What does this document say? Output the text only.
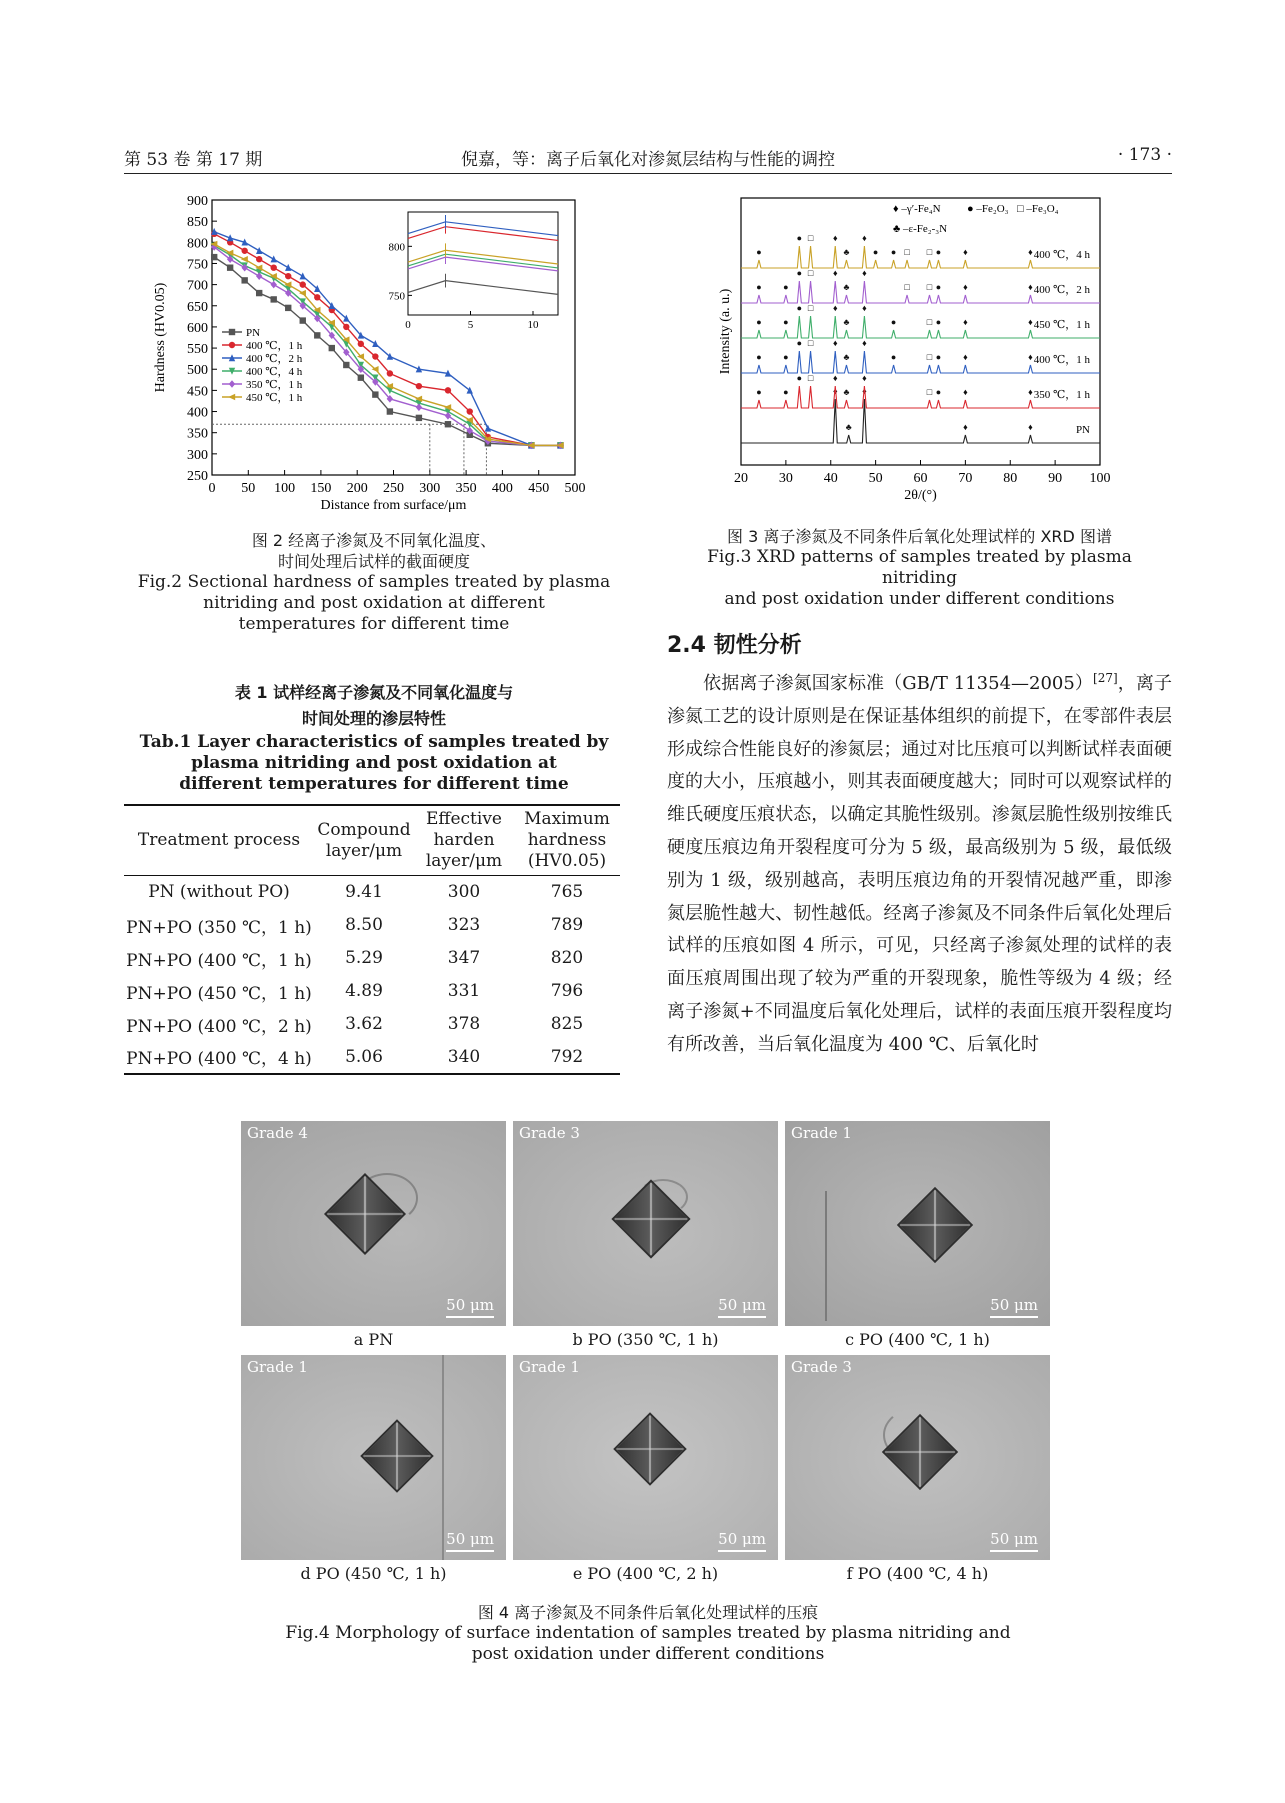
第 53 卷 第 17 期	倪嘉，等：离子后氧化对渗氮层结构与性能的调控	· 173 ·
250
300
350
400
450
500
550
600
650
700
750
800
850
900
0 50 100 150 200 250 300 350 400 450 500
Distance from surface/μm
Hardness (HV0.05)	PN
400 ℃，1 h
400 ℃，2 h
400 ℃，4 h
350 ℃，1 h
450 ℃，1 h
0	5	10
750
800
图 2 经离子渗氮及不同氧化温度、
时间处理后试样的截面硬度
Fig.2 Sectional hardness of samples treated by plasma
nitriding and post oxidation at different
temperatures for different time
20 30 40 50 60 70 80 90 100
2θ/(°)
Intensity (a. u.)
♦ –γ′-Fe₄N ● –Fe₂O₃ □ –Fe₃O₄
♣ –ε-Fe₂-₃N
♦
♣
♦
♦	♦	PN
● ●
● □ ♦
♣
♦
□ ● ♦	♦ 350 ℃，1 h
● ●
● □ ♦
♣
♦
●	□ ● ♦	♦ 400 ℃，1 h
● ●
● □ ♦
♣
♦
●	□ ● ♦	♦ 450 ℃，1 h
● ●
● □ ♦
♣
♦
□ □ ● ♦	♦ 400 ℃，2 h
●
● □ ♦
♣
♦
● ● □ □ ● ♦	♦ 400 ℃，4 h
图 3 离子渗氮及不同条件后氧化处理试样的 XRD 图谱
Fig.3 XRD patterns of samples treated by plasma nitriding
and post oxidation under different conditions
表 1 试样经离子渗氮及不同氧化温度与
时间处理的渗层特性
Tab.1 Layer characteristics of samples treated by
plasma nitriding and post oxidation at
different temperatures for different time
Treatment process	Compound layer/μm	Effective harden layer/μm	Maximum hardness (HV0.05)
PN (without PO)	9.41	300	765
PN+PO (350 ℃，1 h)	8.50	323	789
PN+PO (400 ℃，1 h)	5.29	347	820
PN+PO (450 ℃，1 h)	4.89	331	796
PN+PO (400 ℃，2 h)	3.62	378	825
PN+PO (400 ℃，4 h)	5.06	340	792
2.4 韧性分析
依据离子渗氮国家标准（GB/T 11354—2005）[27]，离子渗氮工艺的设计原则是在保证基体组织的前提下，在零部件表层形成综合性能良好的渗氮层；通过对比压痕可以判断试样表面硬度的大小，压痕越小，则其表面硬度越大；同时可以观察试样的维氏硬度压痕状态，以确定其脆性级别。渗氮层脆性级别按维氏硬度压痕边角开裂程度可分为 5 级，最高级别为 5 级，最低级别为 1 级，级别越高，表明压痕边角的开裂情况越严重，即渗氮层脆性越大、韧性越低。经离子渗氮及不同条件后氧化处理后试样的压痕如图 4 所示，可见，只经离子渗氮处理的试样的表面压痕周围出现了较为严重的开裂现象，脆性等级为 4 级；经离子渗氮+不同温度后氧化处理后，试样的表面压痕开裂程度均有所改善，当后氧化温度为 400 ℃、后氧化时
Grade 4
50 μm
Grade 3
50 μm
Grade 1
50 μm
Grade 1
50 μm
Grade 1
50 μm
Grade 3
50 μm
a PN	b PO (350 ℃, 1 h)	c PO (400 ℃, 1 h)
d PO (450 ℃, 1 h)	e PO (400 ℃, 2 h)	f PO (400 ℃, 4 h)
图 4 离子渗氮及不同条件后氧化处理试样的压痕
Fig.4 Morphology of surface indentation of samples treated by plasma nitriding and
post oxidation under different conditions
